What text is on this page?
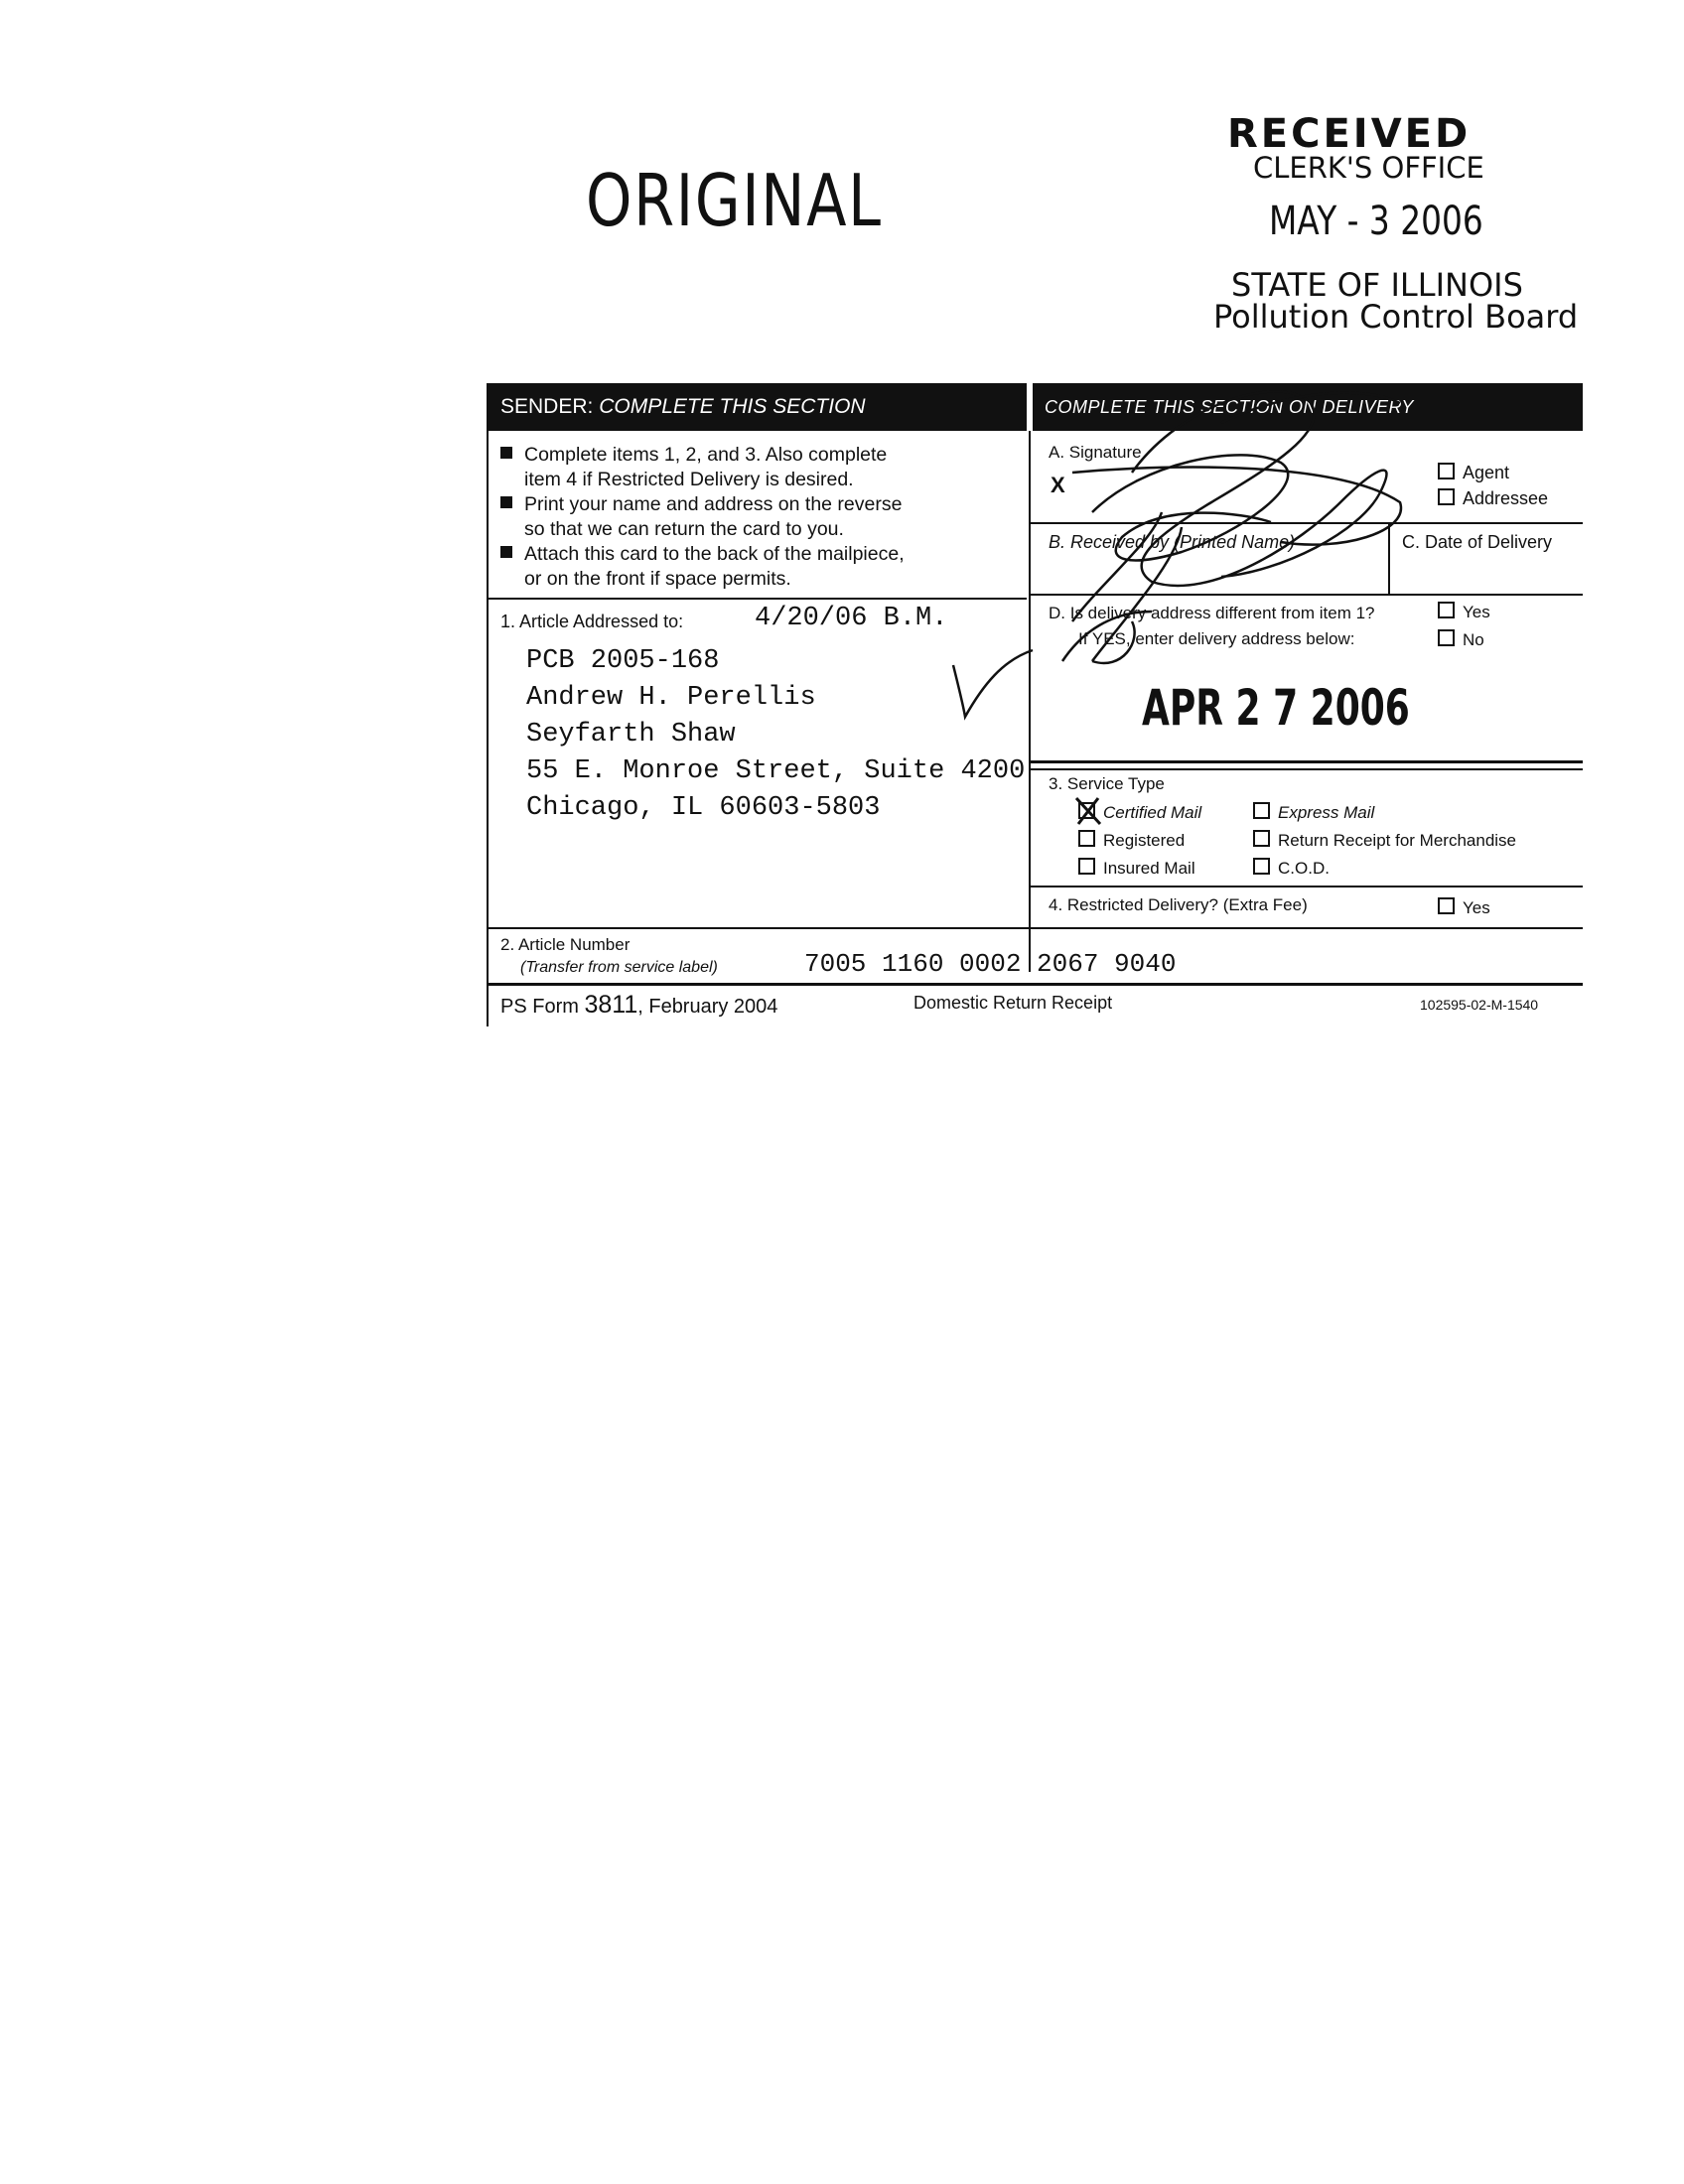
ORIGINAL
RECEIVED
CLERK'S OFFICE
MAY - 3 2006
STATE OF ILLINOIS
Pollution Control Board
SENDER: COMPLETE THIS SECTION	COMPLETE THIS SECTION ON DELIVERY
Complete items 1, 2, and 3. Also complete
item 4 if Restricted Delivery is desired.
Print your name and address on the reverse
so that we can return the card to you.
Attach this card to the back of the mailpiece,
or on the front if space permits.
1. Article Addressed to:	4/20/06 B.M.
PCB 2005-168
Andrew H. Perellis
Seyfarth Shaw
55 E. Monroe Street, Suite 4200
Chicago, IL 60603-5803
A. Signature
X	Agent
Addressee
B. Received by (Printed Name)	C. Date of Delivery
D. Is delivery address different from item 1?	Yes
If YES, enter delivery address below:	No
APR 2 7 2006
3. Service Type
Certified Mail	Express Mail
Registered	Return Receipt for Merchandise
Insured Mail	C.O.D.
4. Restricted Delivery? (Extra Fee)	Yes
2. Article Number
(Transfer from service label)	7005 1160 0002 2067 9040
PS Form 3811, February 2004	Domestic Return Receipt	102595-02-M-1540
